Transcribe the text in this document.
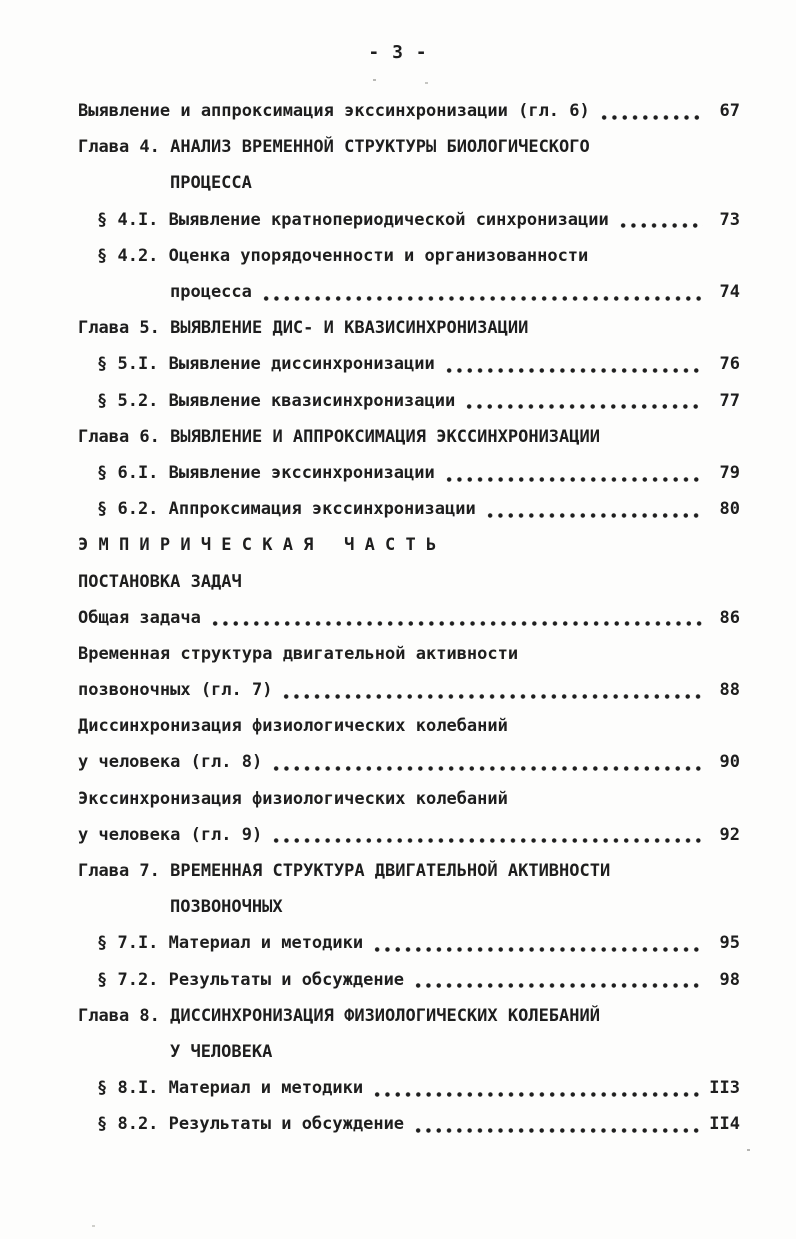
- 3 -
Выявление и аппроксимация экссинхронизации (гл. 6)	67
Глава 4. АНАЛИЗ ВРЕМЕННОЙ СТРУКТУРЫ БИОЛОГИЧЕСКОГО
ПРОЦЕССА
§ 4.I. Выявление кратнопериодической синхронизации	73
§ 4.2. Оценка упорядоченности и организованности
процесса	74
Глава 5. ВЫЯВЛЕНИЕ ДИС- И КВАЗИСИНХРОНИЗАЦИИ
§ 5.I. Выявление диссинхронизации	76
§ 5.2. Выявление квазисинхронизации	77
Глава 6. ВЫЯВЛЕНИЕ И АППРОКСИМАЦИЯ ЭКССИНХРОНИЗАЦИИ
§ 6.I. Выявление экссинхронизации	79
§ 6.2. Аппроксимация экссинхронизации	80
Э М П И Р И Ч Е С К А Я   Ч А С Т Ь
ПОСТАНОВКА ЗАДАЧ
Общая задача	86
Временная структура двигательной активности
позвоночных (гл. 7)	88
Диссинхронизация физиологических колебаний
у человека (гл. 8)	90
Экссинхронизация физиологических колебаний
у человека (гл. 9)	92
Глава 7. ВРЕМЕННАЯ СТРУКТУРА ДВИГАТЕЛЬНОЙ АКТИВНОСТИ
ПОЗВОНОЧНЫХ
§ 7.I. Материал и методики	95
§ 7.2. Результаты и обсуждение	98
Глава 8. ДИССИНХРОНИЗАЦИЯ ФИЗИОЛОГИЧЕСКИХ КОЛЕБАНИЙ
У ЧЕЛОВЕКА
§ 8.I. Материал и методики	II3
§ 8.2. Результаты и обсуждение	II4
